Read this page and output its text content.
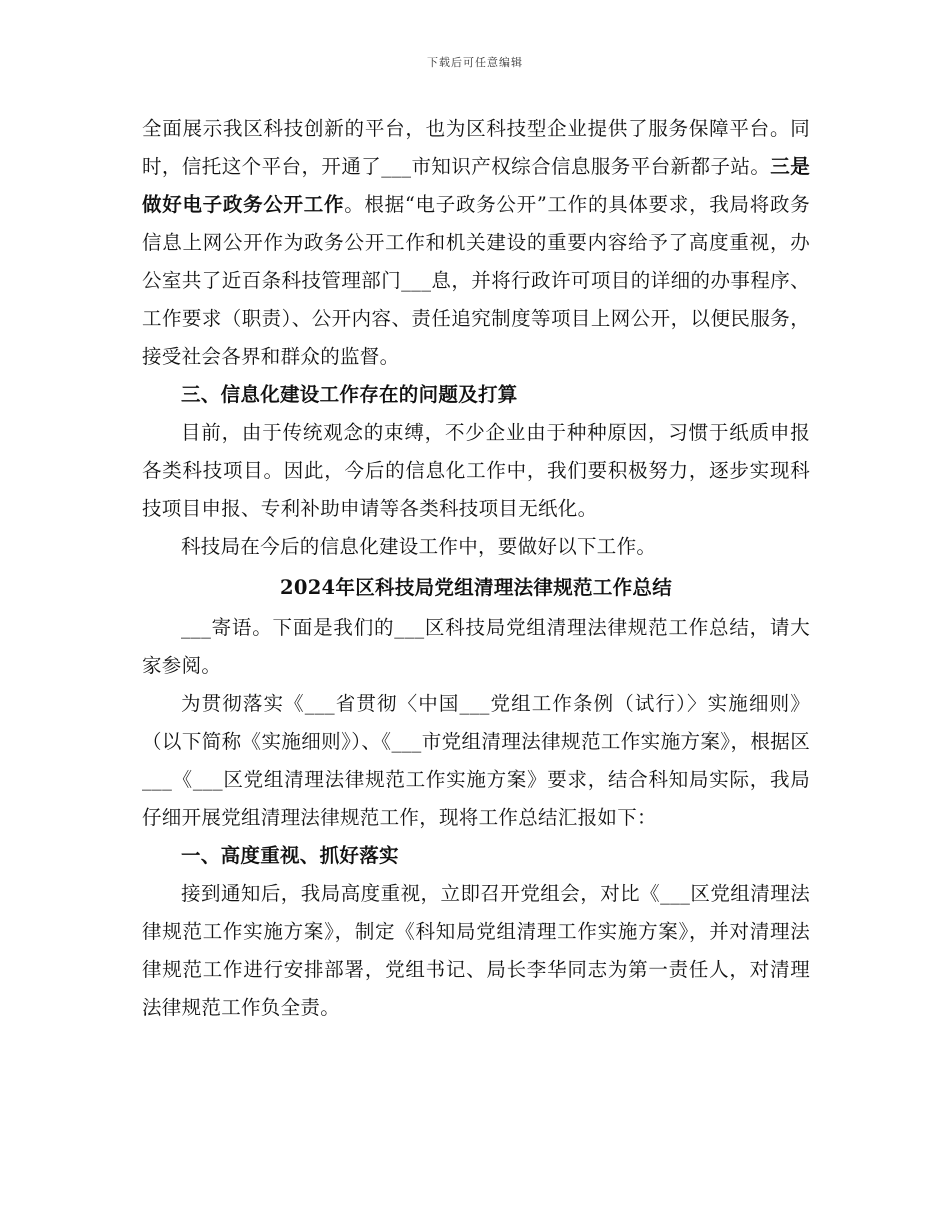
下载后可任意编辑

全面展示我区科技创新的平台，也为区科技型企业提供了服务保障平台。同时，信托这个平台，开通了___市知识产权综合信息服务平台新都子站。三是做好电子政务公开工作。根据“电子政务公开”工作的具体要求，我局将政务信息上网公开作为政务公开工作和机关建设的重要内容给予了高度重视，办公室共了近百条科技管理部门___息，并将行政许可项目的详细的办事程序、工作要求（职责）、公开内容、责任追究制度等项目上网公开，以便民服务，接受社会各界和群众的监督。

三、信息化建设工作存在的问题及打算

目前，由于传统观念的束缚，不少企业由于种种原因，习惯于纸质申报各类科技项目。因此，今后的信息化工作中，我们要积极努力，逐步实现科技项目申报、专利补助申请等各类科技项目无纸化。

科技局在今后的信息化建设工作中，要做好以下工作。

2024年区科技局党组清理法律规范工作总结

___寄语。下面是我们的___区科技局党组清理法律规范工作总结，请大家参阅。

为贯彻落实《___省贯彻〈中国___党组工作条例（试行）〉实施细则》（以下简称《实施细则》）、《___市党组清理法律规范工作实施方案》，根据区___《___区党组清理法律规范工作实施方案》要求，结合科知局实际，我局仔细开展党组清理法律规范工作，现将工作总结汇报如下：

一、高度重视、抓好落实

接到通知后，我局高度重视，立即召开党组会，对比《___区党组清理法律规范工作实施方案》，制定《科知局党组清理工作实施方案》，并对清理法律规范工作进行安排部署，党组书记、局长李华同志为第一责任人，对清理法律规范工作负全责。
